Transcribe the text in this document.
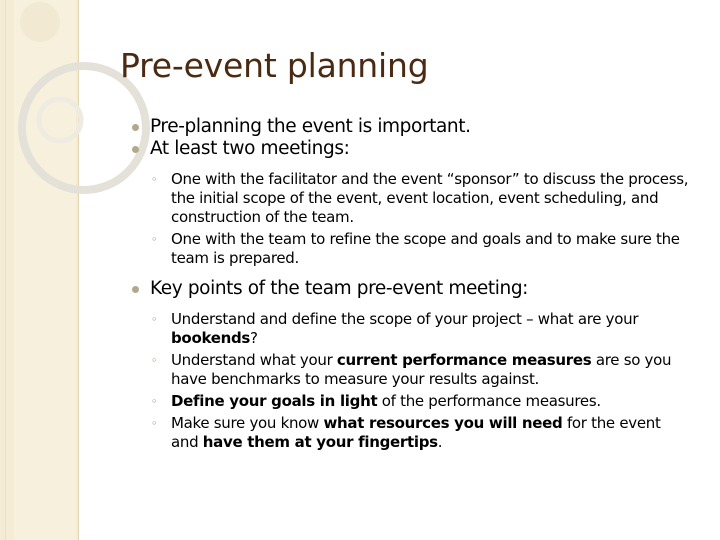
Pre-event planning

Pre-planning the event is important.

At least two meetings:

◦ One with the facilitator and the event “sponsor” to discuss the process, the initial scope of the event, event location, event scheduling, and construction of the team.

◦ One with the team to refine the scope and goals and to make sure the team is prepared.

Key points of the team pre-event meeting:

◦ Understand and define the scope of your project – what are your bookends?

◦ Understand what your current performance measures are so you have benchmarks to measure your results against.

◦ Define your goals in light of the performance measures.

◦ Make sure you know what resources you will need for the event and have them at your fingertips.
